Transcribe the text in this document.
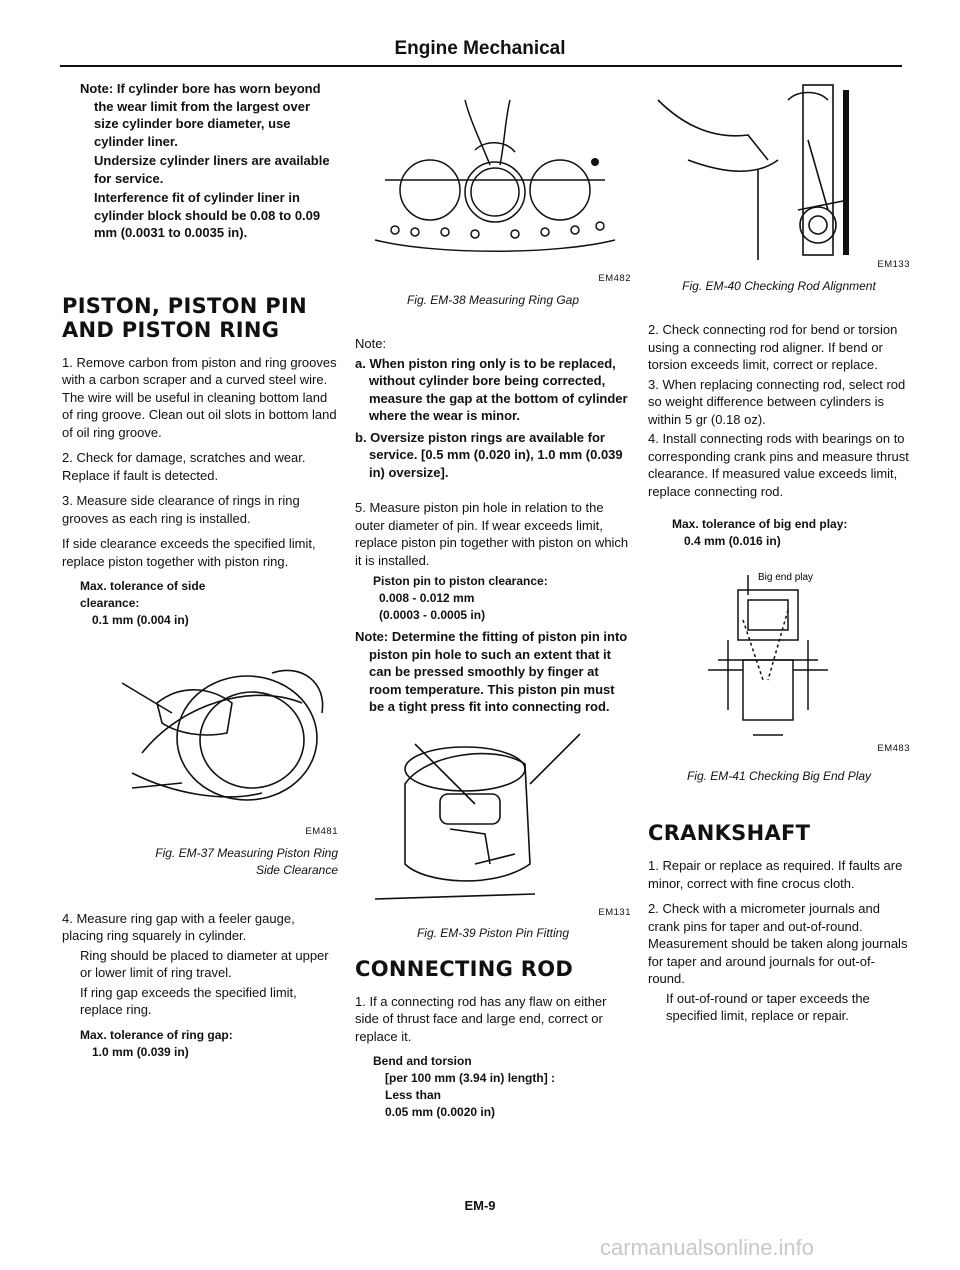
Engine Mechanical

Note: If cylinder bore has worn beyond the wear limit from the largest over size cylinder bore diameter, use cylinder liner.

Undersize cylinder liners are available for service.

Interference fit of cylinder liner in cylinder block should be 0.08 to 0.09 mm (0.0031 to 0.0035 in).

PISTON, PISTON PIN AND PISTON RING

1. Remove carbon from piston and ring grooves with a carbon scraper and a curved steel wire. The wire will be useful in cleaning bottom land of ring groove. Clean out oil slots in bottom land of oil ring groove.

2. Check for damage, scratches and wear. Replace if fault is detected.

3. Measure side clearance of rings in ring grooves as each ring is installed.

If side clearance exceeds the specified limit, replace piston together with piston ring.

Max. tolerance of side
clearance:
0.1 mm (0.004 in)
EM481
Fig. EM-37 Measuring Piston Ring
Side Clearance

4. Measure ring gap with a feeler gauge, placing ring squarely in cylinder.

Ring should be placed to diameter at upper or lower limit of ring travel.

If ring gap exceeds the specified limit, replace ring.

Max. tolerance of ring gap:
1.0 mm (0.039 in)
EM482
Fig. EM-38 Measuring Ring Gap

Note:

a. When piston ring only is to be replaced, without cylinder bore being corrected, measure the gap at the bottom of cylinder where the wear is minor.

b. Oversize piston rings are available for service. [0.5 mm (0.020 in), 1.0 mm (0.039 in) oversize].

5. Measure piston pin hole in relation to the outer diameter of pin. If wear exceeds limit, replace piston pin together with piston on which it is installed.

Piston pin to piston clearance:
0.008 - 0.012 mm
(0.0003 - 0.0005 in)

Note: Determine the fitting of piston pin into piston pin hole to such an extent that it can be pressed smoothly by finger at room temperature. This piston pin must be a tight press fit into connecting rod.

EM131
Fig. EM-39 Piston Pin Fitting
CONNECTING ROD

1. If a connecting rod has any flaw on either side of thrust face and large end, correct or replace it.

Bend and torsion
[per 100 mm (3.94 in) length] :
Less than
0.05 mm (0.0020 in)
EM133
Fig. EM-40 Checking Rod Alignment

2. Check connecting rod for bend or torsion using a connecting rod aligner. If bend or torsion exceeds limit, correct or replace.

3. When replacing connecting rod, select rod so weight difference between cylinders is within 5 gr (0.18 oz).

4. Install connecting rods with bearings on to corresponding crank pins and measure thrust clearance. If measured value exceeds limit, replace connecting rod.

Max. tolerance of big end play:
0.4 mm (0.016 in)
Big end play
EM483
Fig. EM-41 Checking Big End Play
CRANKSHAFT

1. Repair or replace as required. If faults are minor, correct with fine crocus cloth.

2. Check with a micrometer journals and crank pins for taper and out-of-round. Measurement should be taken along journals for taper and around journals for out-of-round.

If out-of-round or taper exceeds the specified limit, replace or repair.

EM-9
carmanualsonline.info
